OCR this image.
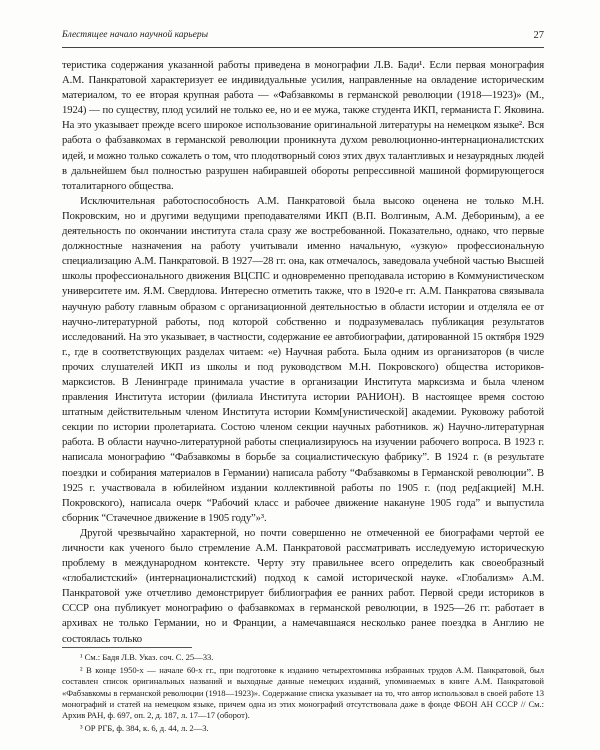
Блестящее начало научной карьеры	27

теристика содержания указанной работы приведена в монографии Л.В. Бади¹. Если первая монография А.М. Панкратовой характеризует ее индивидуальные усилия, направленные на овладение историческим материалом, то ее вторая крупная работа — «Фабзавкомы в германской революции (1918—1923)» (М., 1924) — по существу, плод усилий не только ее, но и ее мужа, также студента ИКП, германиста Г. Яковина. На это указывает прежде всего широкое использование оригинальной литературы на немецком языке². Вся работа о фабзавкомах в германской революции проникнута духом революционно-интернационалистских идей, и можно только сожалеть о том, что плодотворный союз этих двух талантливых и незаурядных людей в дальнейшем был полностью разрушен набиравшей обороты репрессивной машиной формирующегося тоталитарного общества.

Исключительная работоспособность А.М. Панкратовой была высоко оценена не только М.Н. Покровским, но и другими ведущими преподавателями ИКП (В.П. Волгиным, А.М. Дебориным), а ее деятельность по окончании института стала сразу же востребованной. Показательно, однако, что первые должностные назначения на работу учитывали именно начальную, «узкую» профессиональную специализацию А.М. Панкратовой. В 1927—28 гг. она, как отмечалось, заведовала учебной частью Высшей школы профессионального движения ВЦСПС и одновременно преподавала историю в Коммунистическом университете им. Я.М. Свердлова. Интересно отметить также, что в 1920-е гг. А.М. Панкратова связывала научную работу главным образом с организационной деятельностью в области истории и отделяла ее от научно-литературной работы, под которой собственно и подразумевалась публикация результатов исследований. На это указывает, в частности, содержание ее автобиографии, датированной 15 октября 1929 г., где в соответствующих разделах читаем: «е) Научная работа. Была одним из организаторов (в числе прочих слушателей ИКП из школы и под руководством М.Н. Покровского) общества историков-марксистов. В Ленинграде принимала участие в организации Института марксизма и была членом правления Института истории (филиала Института истории РАНИОН). В настоящее время состою штатным действительным членом Института истории Комм[унистической] академии. Руковожу работой секции по истории пролетариата. Состою членом секции научных работников. ж) Научно-литературная работа. В области научно-литературной работы специализируюсь на изучении рабочего вопроса. В 1923 г. написала монографию “Фабзавкомы в борьбе за социалистическую фабрику”. В 1924 г. (в результате поездки и собирания материалов в Германии) написала работу “Фабзавкомы в Германской революции”. В 1925 г. участвовала в юбилейном издании коллективной работы по 1905 г. (под ред[акцией] М.Н. Покровского), написала очерк “Рабочий класс и рабочее движение накануне 1905 года” и выпустила сборник “Стачечное движение в 1905 году”»³.

Другой чрезвычайно характерной, но почти совершенно не отмеченной ее биографами чертой ее личности как ученого было стремление А.М. Панкратовой рассматривать исследуемую историческую проблему в международном контексте. Черту эту правильнее всего определить как своеобразный «глобалистский» (интернационалистский) подход к самой исторической науке. «Глобализм» А.М. Панкратовой уже отчетливо демонстрирует библиография ее ранних работ. Первой среди историков в СССР она публикует монографию о фабзавкомах в германской революции, в 1925—26 гг. работает в архивах не только Германии, но и Франции, а намечавшаяся несколько ранее поездка в Англию не состоялась только

¹ См.: Бадя Л.В. Указ. соч. С. 25—33.

² В конце 1950-х — начале 60-х гг., при подготовке к изданию четырехтомника избранных трудов А.М. Панкратовой, был составлен список оригинальных названий и выходные данные немецких изданий, упоминаемых в книге А.М. Панкратовой «Фабзавкомы в германской революции (1918—1923)». Содержание списка указывает на то, что автор использовал в своей работе 13 монографий и статей на немецком языке, причем одна из этих монографий отсутствовала даже в фонде ФБОН АН СССР // См.: Архив РАН, ф. 697, оп. 2, д. 187, л. 17—17 (оборот).

³ ОР РГБ, ф. 384, к. 6, д. 44, л. 2—3.
